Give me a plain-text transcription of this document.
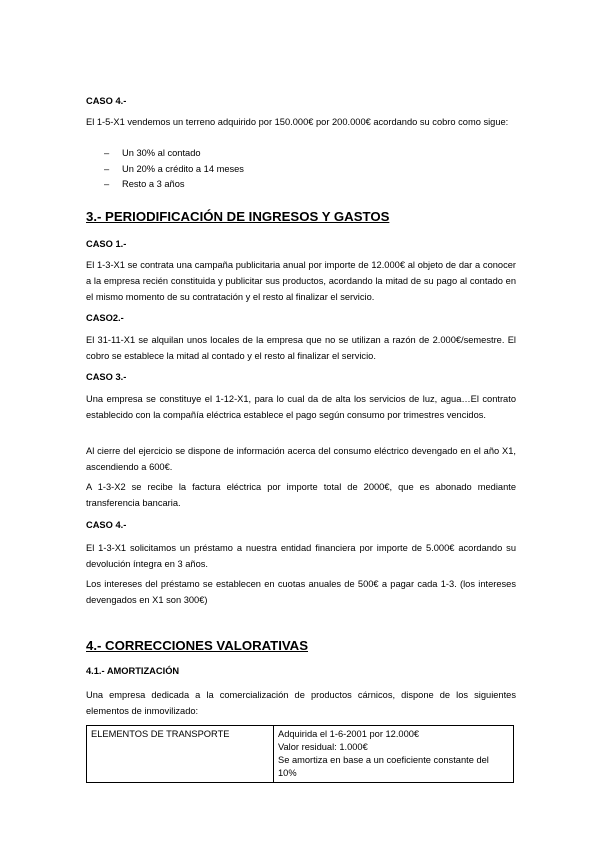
CASO 4.-

El 1-5-X1 vendemos un terreno adquirido por 150.000€ por 200.000€ acordando su cobro como sigue:

– Un 30% al contado
– Un 20% a crédito a 14 meses
– Resto a 3 años
3.- PERIODIFICACIÓN DE INGRESOS Y GASTOS

CASO 1.-

El 1-3-X1 se contrata una campaña publicitaria anual por importe de 12.000€ al objeto de dar a conocer a la empresa recién constituida y publicitar sus productos, acordando la mitad de su pago al contado en el mismo momento de su contratación y el resto al finalizar el servicio.

CASO2.-

El 31-11-X1 se alquilan unos locales de la empresa que no se utilizan a razón de 2.000€/semestre. El cobro se establece la mitad al contado y el resto al finalizar el servicio.

CASO 3.-

Una empresa se constituye el 1-12-X1, para lo cual da de alta los servicios de luz, agua…El contrato establecido con la compañía eléctrica establece el pago según consumo por trimestres vencidos.

Al cierre del ejercicio se dispone de información acerca del consumo eléctrico devengado en el año X1, ascendiendo a 600€.

A 1-3-X2 se recibe la factura eléctrica por importe total de 2000€, que es abonado mediante transferencia bancaria.

CASO 4.-

El 1-3-X1 solicitamos un préstamo a nuestra entidad financiera por importe de 5.000€ acordando su devolución íntegra en 3 años.

Los intereses del préstamo se establecen en cuotas anuales de 500€ a pagar cada 1-3. (los intereses devengados en X1 son 300€)

4.- CORRECCIONES VALORATIVAS

4.1.- AMORTIZACIÓN

Una empresa dedicada a la comercialización de productos cárnicos, dispone de los siguientes elementos de inmovilizado:

ELEMENTOS DE TRANSPORTE	Adquirida el 1-6-2001 por 12.000€
Valor residual: 1.000€
Se amortiza en base a un coeficiente constante del 10%
